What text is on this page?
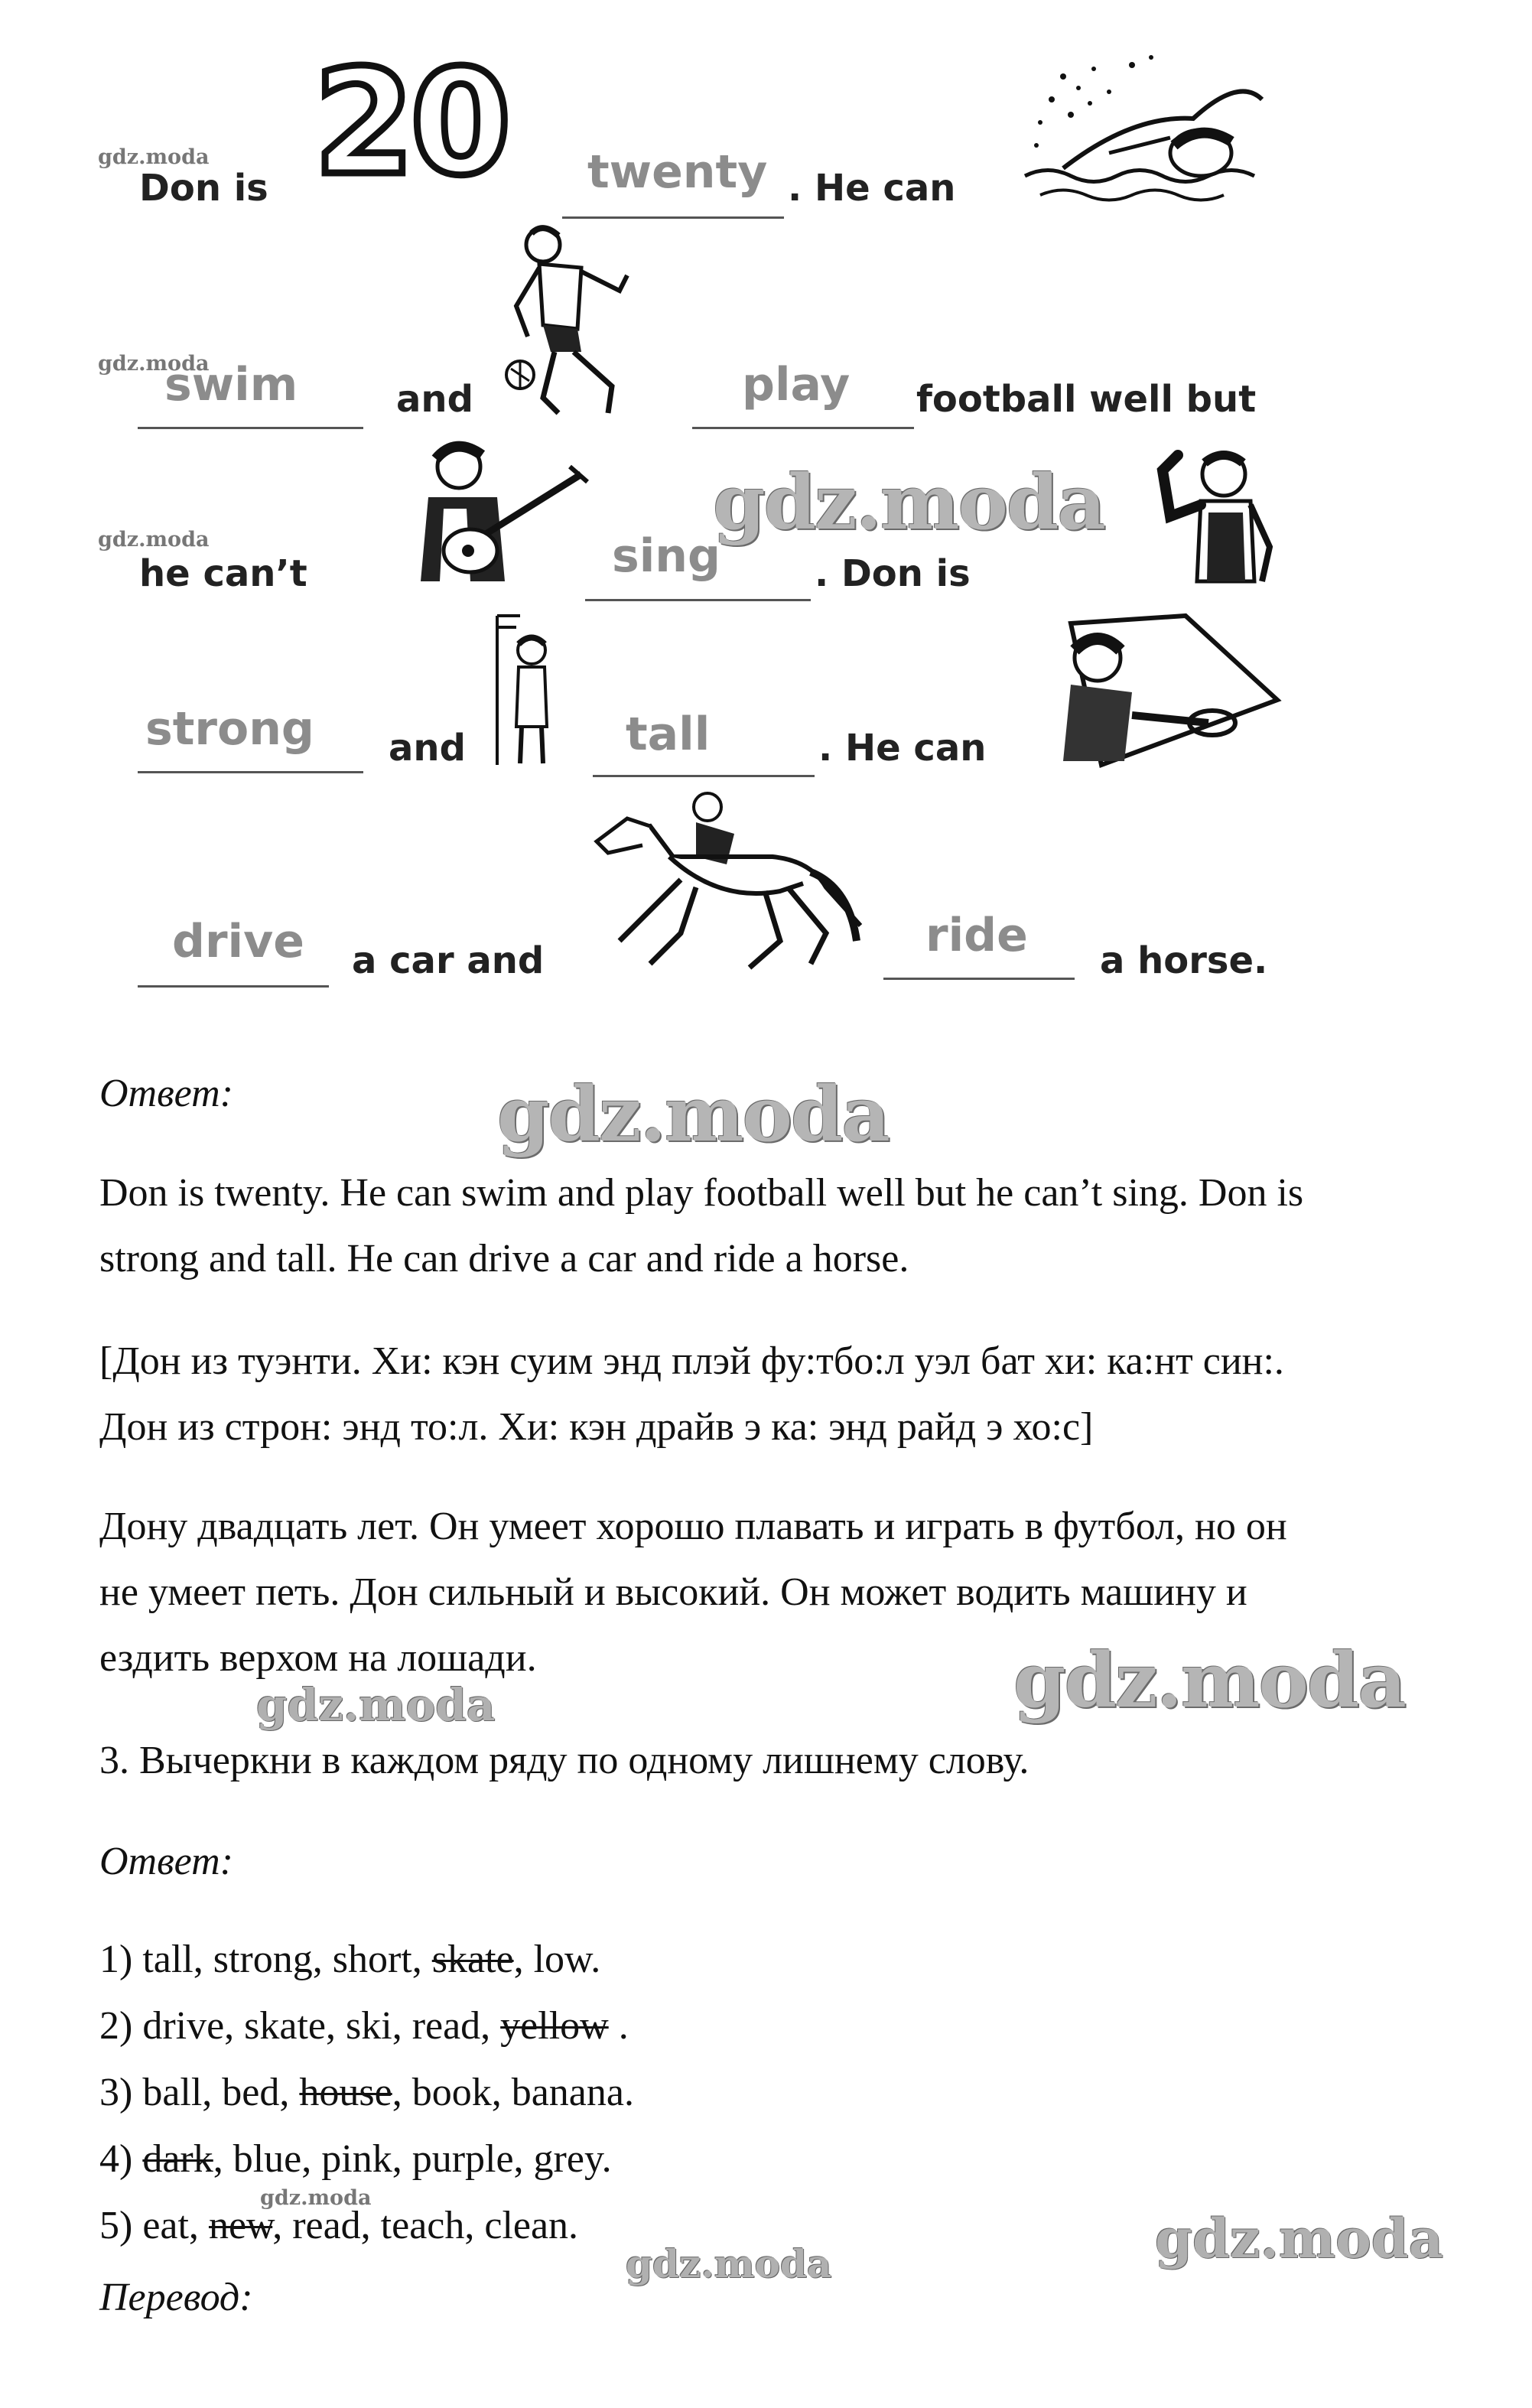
gdz.moda
Don is 20 twenty . He can
gdz.moda
swim	and	play football well but
gdz.moda
he can’t	sing	. Don is
gdz.moda
strong and	tall	. He can
drive a car and	ride a horse.
Ответ:	gdz.moda
Don is twenty. He can swim and play football well but he can’t sing. Don is
strong and tall. He can drive a car and ride a horse.
[Дон из туэнти. Хи: кэн суим энд плэй фу:тбо:л уэл бат хи: ка:нт син:.
Дон из строн: энд то:л. Хи: кэн драйв э ка: энд райд э хо:с]
Дону двадцать лет. Он умеет хорошо плавать и играть в футбол, но он
не умеет петь. Дон сильный и высокий. Он может водить машину и
ездить верхом на лошади.	gdz.moda
gdz.moda
3. Вычеркни в каждом ряду по одному лишнему слову.
Ответ:
1) tall, strong, short, skate, low.
2) drive, skate, ski, read, yellow .
3) ball, bed, house, book, banana.
4) dark, blue, pink, purple, grey.
gdz.moda
5) eat, new, read, teach, clean.
gdz.moda	gdz.moda
Перевод:
